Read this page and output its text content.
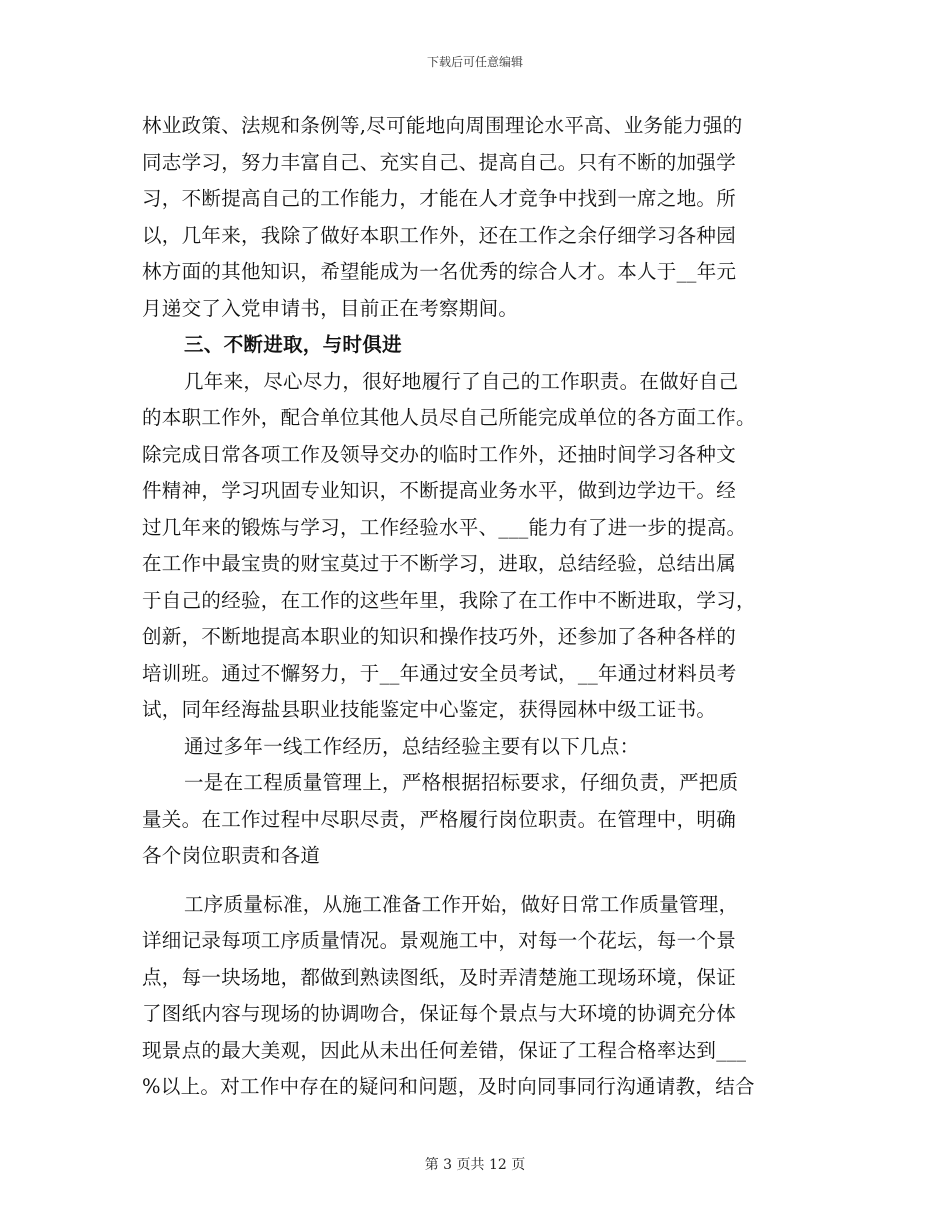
下载后可任意编辑
林业政策、法规和条例等,尽可能地向周围理论水平高、业务能力强的
同志学习，努力丰富自己、充实自己、提高自己。只有不断的加强学
习，不断提高自己的工作能力，才能在人才竞争中找到一席之地。所
以，几年来，我除了做好本职工作外，还在工作之余仔细学习各种园
林方面的其他知识，希望能成为一名优秀的综合人才。本人于__年元
月递交了入党申请书，目前正在考察期间。
三、不断进取，与时俱进
几年来，尽心尽力，很好地履行了自己的工作职责。在做好自己
的本职工作外，配合单位其他人员尽自己所能完成单位的各方面工作。
除完成日常各项工作及领导交办的临时工作外，还抽时间学习各种文
件精神，学习巩固专业知识，不断提高业务水平，做到边学边干。经
过几年来的锻炼与学习，工作经验水平、___能力有了进一步的提高。
在工作中最宝贵的财宝莫过于不断学习，进取，总结经验，总结出属
于自己的经验，在工作的这些年里，我除了在工作中不断进取，学习，
创新，不断地提高本职业的知识和操作技巧外，还参加了各种各样的
培训班。通过不懈努力，于__年通过安全员考试，__年通过材料员考
试，同年经海盐县职业技能鉴定中心鉴定，获得园林中级工证书。
通过多年一线工作经历，总结经验主要有以下几点：
一是在工程质量管理上，严格根据招标要求，仔细负责，严把质
量关。在工作过程中尽职尽责，严格履行岗位职责。在管理中，明确
各个岗位职责和各道
工序质量标准，从施工准备工作开始，做好日常工作质量管理，
详细记录每项工序质量情况。景观施工中，对每一个花坛，每一个景
点，每一块场地，都做到熟读图纸，及时弄清楚施工现场环境，保证
了图纸内容与现场的协调吻合，保证每个景点与大环境的协调充分体
现景点的最大美观，因此从未出任何差错，保证了工程合格率达到___
%以上。对工作中存在的疑问和问题，及时向同事同行沟通请教，结合
第 3 页共 12 页
